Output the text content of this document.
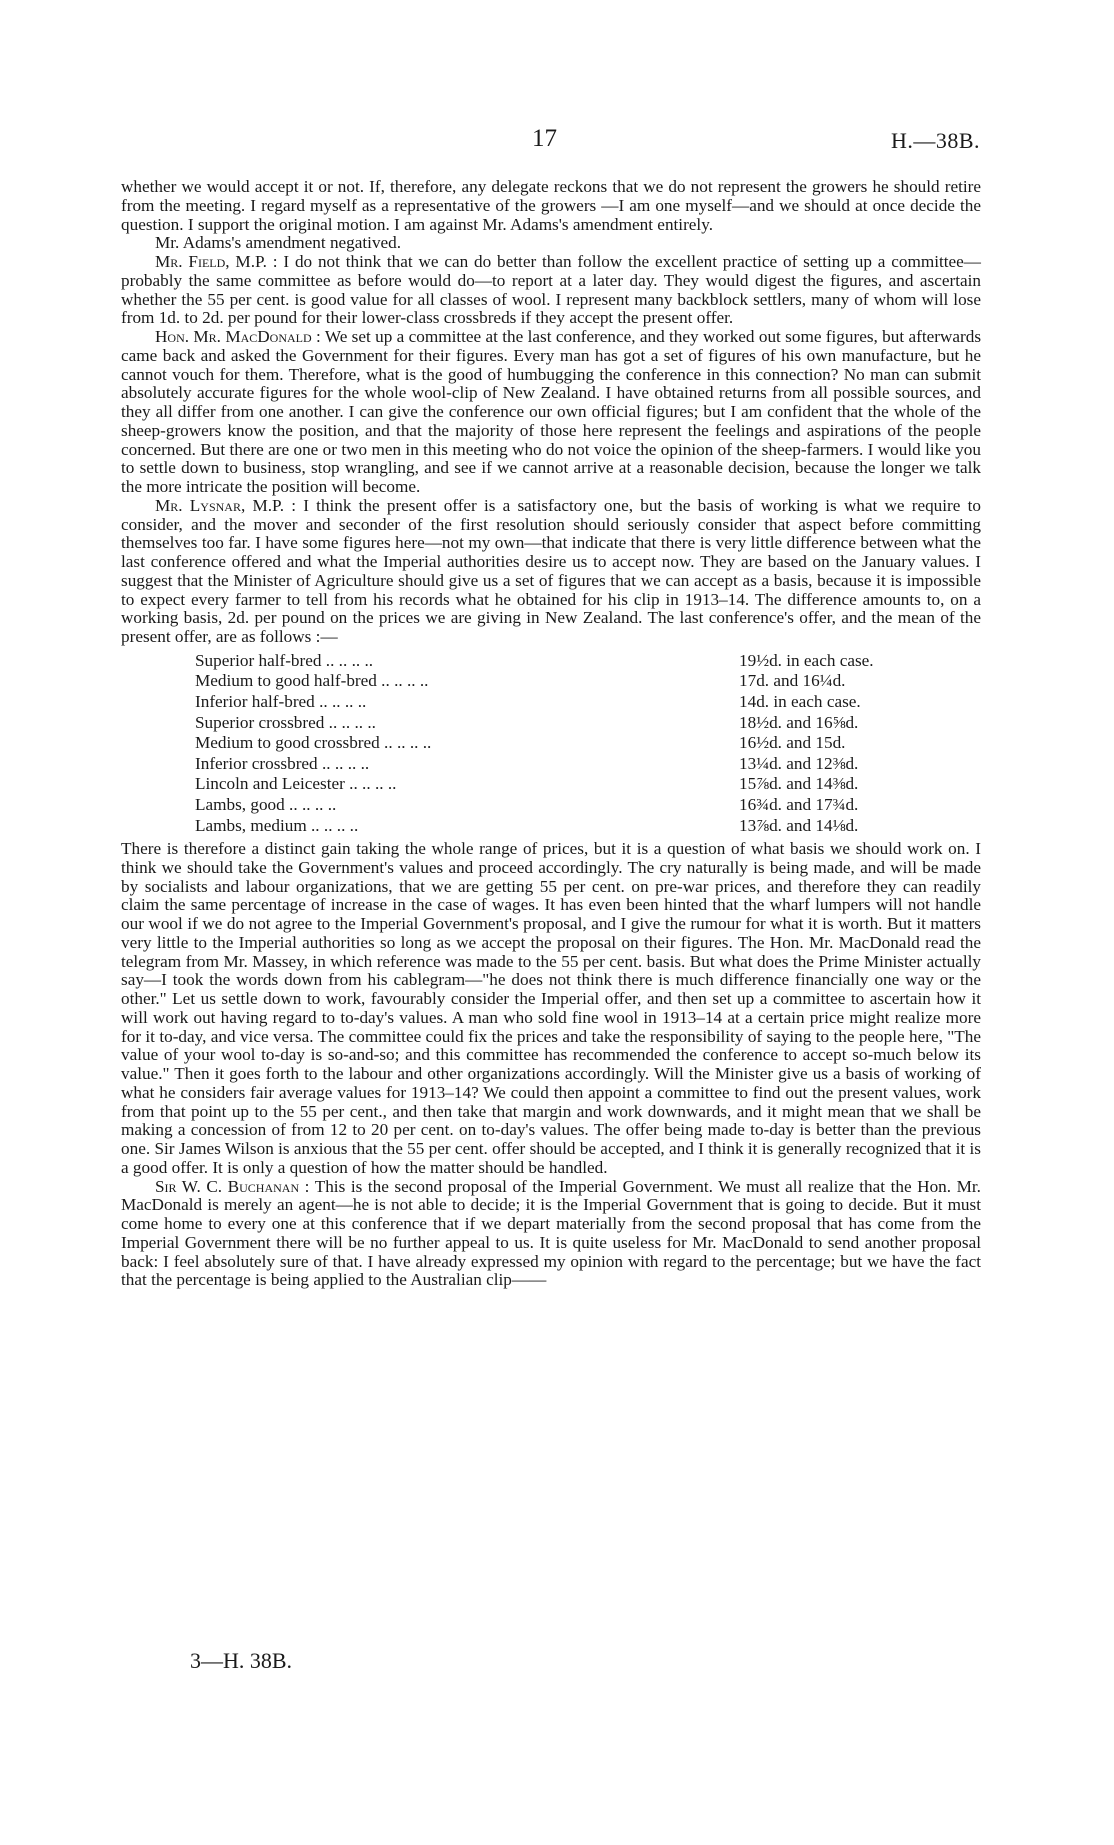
17	H.—38B.

whether we would accept it or not. If, therefore, any delegate reckons that we do not represent the growers he should retire from the meeting. I regard myself as a representative of the growers —I am one myself—and we should at once decide the question. I support the original motion. I am against Mr. Adams's amendment entirely.

Mr. Adams's amendment negatived.

Mr. Field, M.P. : I do not think that we can do better than follow the excellent practice of setting up a committee—probably the same committee as before would do—to report at a later day. They would digest the figures, and ascertain whether the 55 per cent. is good value for all classes of wool. I represent many backblock settlers, many of whom will lose from 1d. to 2d. per pound for their lower-class crossbreds if they accept the present offer.

Hon. Mr. MacDonald : We set up a committee at the last conference, and they worked out some figures, but afterwards came back and asked the Government for their figures. Every man has got a set of figures of his own manufacture, but he cannot vouch for them. Therefore, what is the good of humbugging the conference in this connection? No man can submit absolutely accurate figures for the whole wool-clip of New Zealand. I have obtained returns from all possible sources, and they all differ from one another. I can give the conference our own official figures; but I am confident that the whole of the sheep-growers know the position, and that the majority of those here represent the feelings and aspirations of the people concerned. But there are one or two men in this meeting who do not voice the opinion of the sheep-farmers. I would like you to settle down to business, stop wrangling, and see if we cannot arrive at a reasonable decision, because the longer we talk the more intricate the position will become.

Mr. Lysnar, M.P. : I think the present offer is a satisfactory one, but the basis of working is what we require to consider, and the mover and seconder of the first resolution should seriously consider that aspect before committing themselves too far. I have some figures here—not my own—that indicate that there is very little difference between what the last conference offered and what the Imperial authorities desire us to accept now. They are based on the January values. I suggest that the Minister of Agriculture should give us a set of figures that we can accept as a basis, because it is impossible to expect every farmer to tell from his records what he obtained for his clip in 1913–14. The difference amounts to, on a working basis, 2d. per pound on the prices we are giving in New Zealand. The last conference's offer, and the mean of the present offer, are as follows :—

Superior half-bred .. .. .. ..	19½d. in each case.
Medium to good half-bred .. .. .. ..	17d. and 16¼d.
Inferior half-bred .. .. .. ..	14d. in each case.
Superior crossbred .. .. .. ..	18½d. and 16⅝d.
Medium to good crossbred .. .. .. ..	16½d. and 15d.
Inferior crossbred .. .. .. ..	13¼d. and 12⅜d.
Lincoln and Leicester .. .. .. ..	15⅞d. and 14⅜d.
Lambs, good .. .. .. ..	16¾d. and 17¾d.
Lambs, medium .. .. .. ..	13⅞d. and 14⅛d.

There is therefore a distinct gain taking the whole range of prices, but it is a question of what basis we should work on. I think we should take the Government's values and proceed accordingly. The cry naturally is being made, and will be made by socialists and labour organizations, that we are getting 55 per cent. on pre-war prices, and therefore they can readily claim the same percentage of increase in the case of wages. It has even been hinted that the wharf lumpers will not handle our wool if we do not agree to the Imperial Government's proposal, and I give the rumour for what it is worth. But it matters very little to the Imperial authorities so long as we accept the proposal on their figures. The Hon. Mr. MacDonald read the telegram from Mr. Massey, in which reference was made to the 55 per cent. basis. But what does the Prime Minister actually say—I took the words down from his cablegram—"he does not think there is much difference financially one way or the other." Let us settle down to work, favourably consider the Imperial offer, and then set up a committee to ascertain how it will work out having regard to to-day's values. A man who sold fine wool in 1913–14 at a certain price might realize more for it to-day, and vice versa. The committee could fix the prices and take the responsibility of saying to the people here, "The value of your wool to-day is so-and-so; and this committee has recommended the conference to accept so-much below its value." Then it goes forth to the labour and other organizations accordingly. Will the Minister give us a basis of working of what he considers fair average values for 1913–14? We could then appoint a committee to find out the present values, work from that point up to the 55 per cent., and then take that margin and work downwards, and it might mean that we shall be making a concession of from 12 to 20 per cent. on to-day's values. The offer being made to-day is better than the previous one. Sir James Wilson is anxious that the 55 per cent. offer should be accepted, and I think it is generally recognized that it is a good offer. It is only a question of how the matter should be handled.

Sir W. C. Buchanan : This is the second proposal of the Imperial Government. We must all realize that the Hon. Mr. MacDonald is merely an agent—he is not able to decide; it is the Imperial Government that is going to decide. But it must come home to every one at this conference that if we depart materially from the second proposal that has come from the Imperial Government there will be no further appeal to us. It is quite useless for Mr. MacDonald to send another proposal back: I feel absolutely sure of that. I have already expressed my opinion with regard to the percentage; but we have the fact that the percentage is being applied to the Australian clip——

3—H. 38B.
